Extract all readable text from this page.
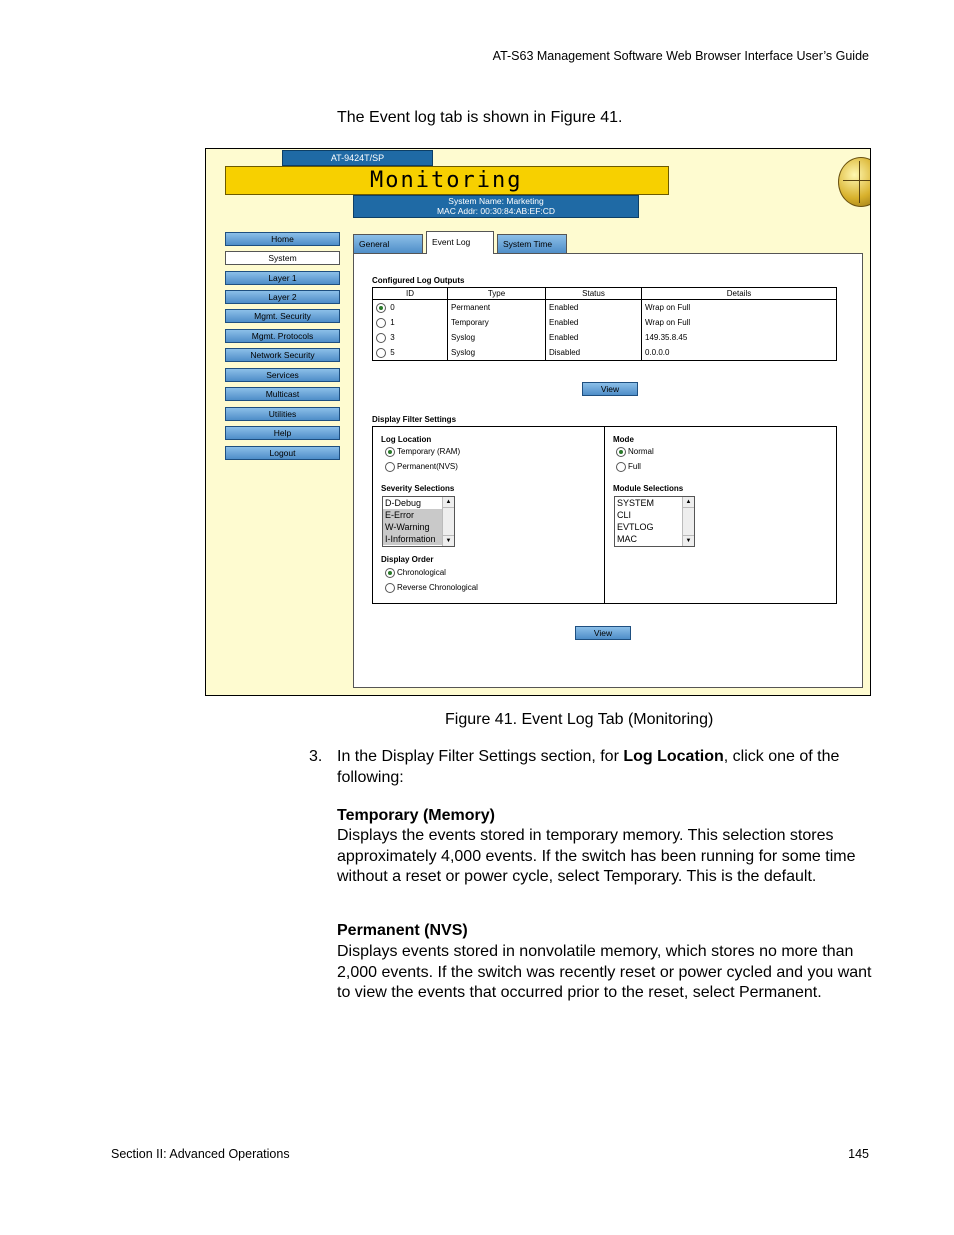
AT-S63 Management Software Web Browser Interface User’s Guide
The Event log tab is shown in Figure 41.
AT-9424T/SP
Monitoring
System Name: Marketing
MAC Addr: 00:30:84:AB:EF:CD
Home
System
Layer 1
Layer 2
Mgmt. Security
Mgmt. Protocols
Network Security
Services
Multicast
Utilities
Help
Logout
General	Event Log	System Time
Configured Log Outputs
ID	Type	Status	Details
0	Permanent	Enabled	Wrap on Full
1	Temporary	Enabled	Wrap on Full
3	Syslog	Enabled	149.35.8.45
5	Syslog	Disabled	0.0.0.0
View
Display Filter Settings
Log Location
Temporary (RAM)
Permanent(NVS)
Severity Selections
D-Debug
E-Error
W-Warning
I-Information
▲
▼
Display Order
Chronological
Reverse Chronological
Mode
Normal
Full
Module Selections
SYSTEM
CLI
EVTLOG
MAC
▲
▼
View
Figure 41. Event Log Tab (Monitoring)
3. In the Display Filter Settings section, for Log Location, click one of the following:
Temporary (Memory)
Displays the events stored in temporary memory. This selection stores approximately 4,000 events. If the switch has been running for some time without a reset or power cycle, select Temporary. This is the default.
Permanent (NVS)
Displays events stored in nonvolatile memory, which stores no more than 2,000 events. If the switch was recently reset or power cycled and you want to view the events that occurred prior to the reset, select Permanent.
Section II: Advanced Operations	145
